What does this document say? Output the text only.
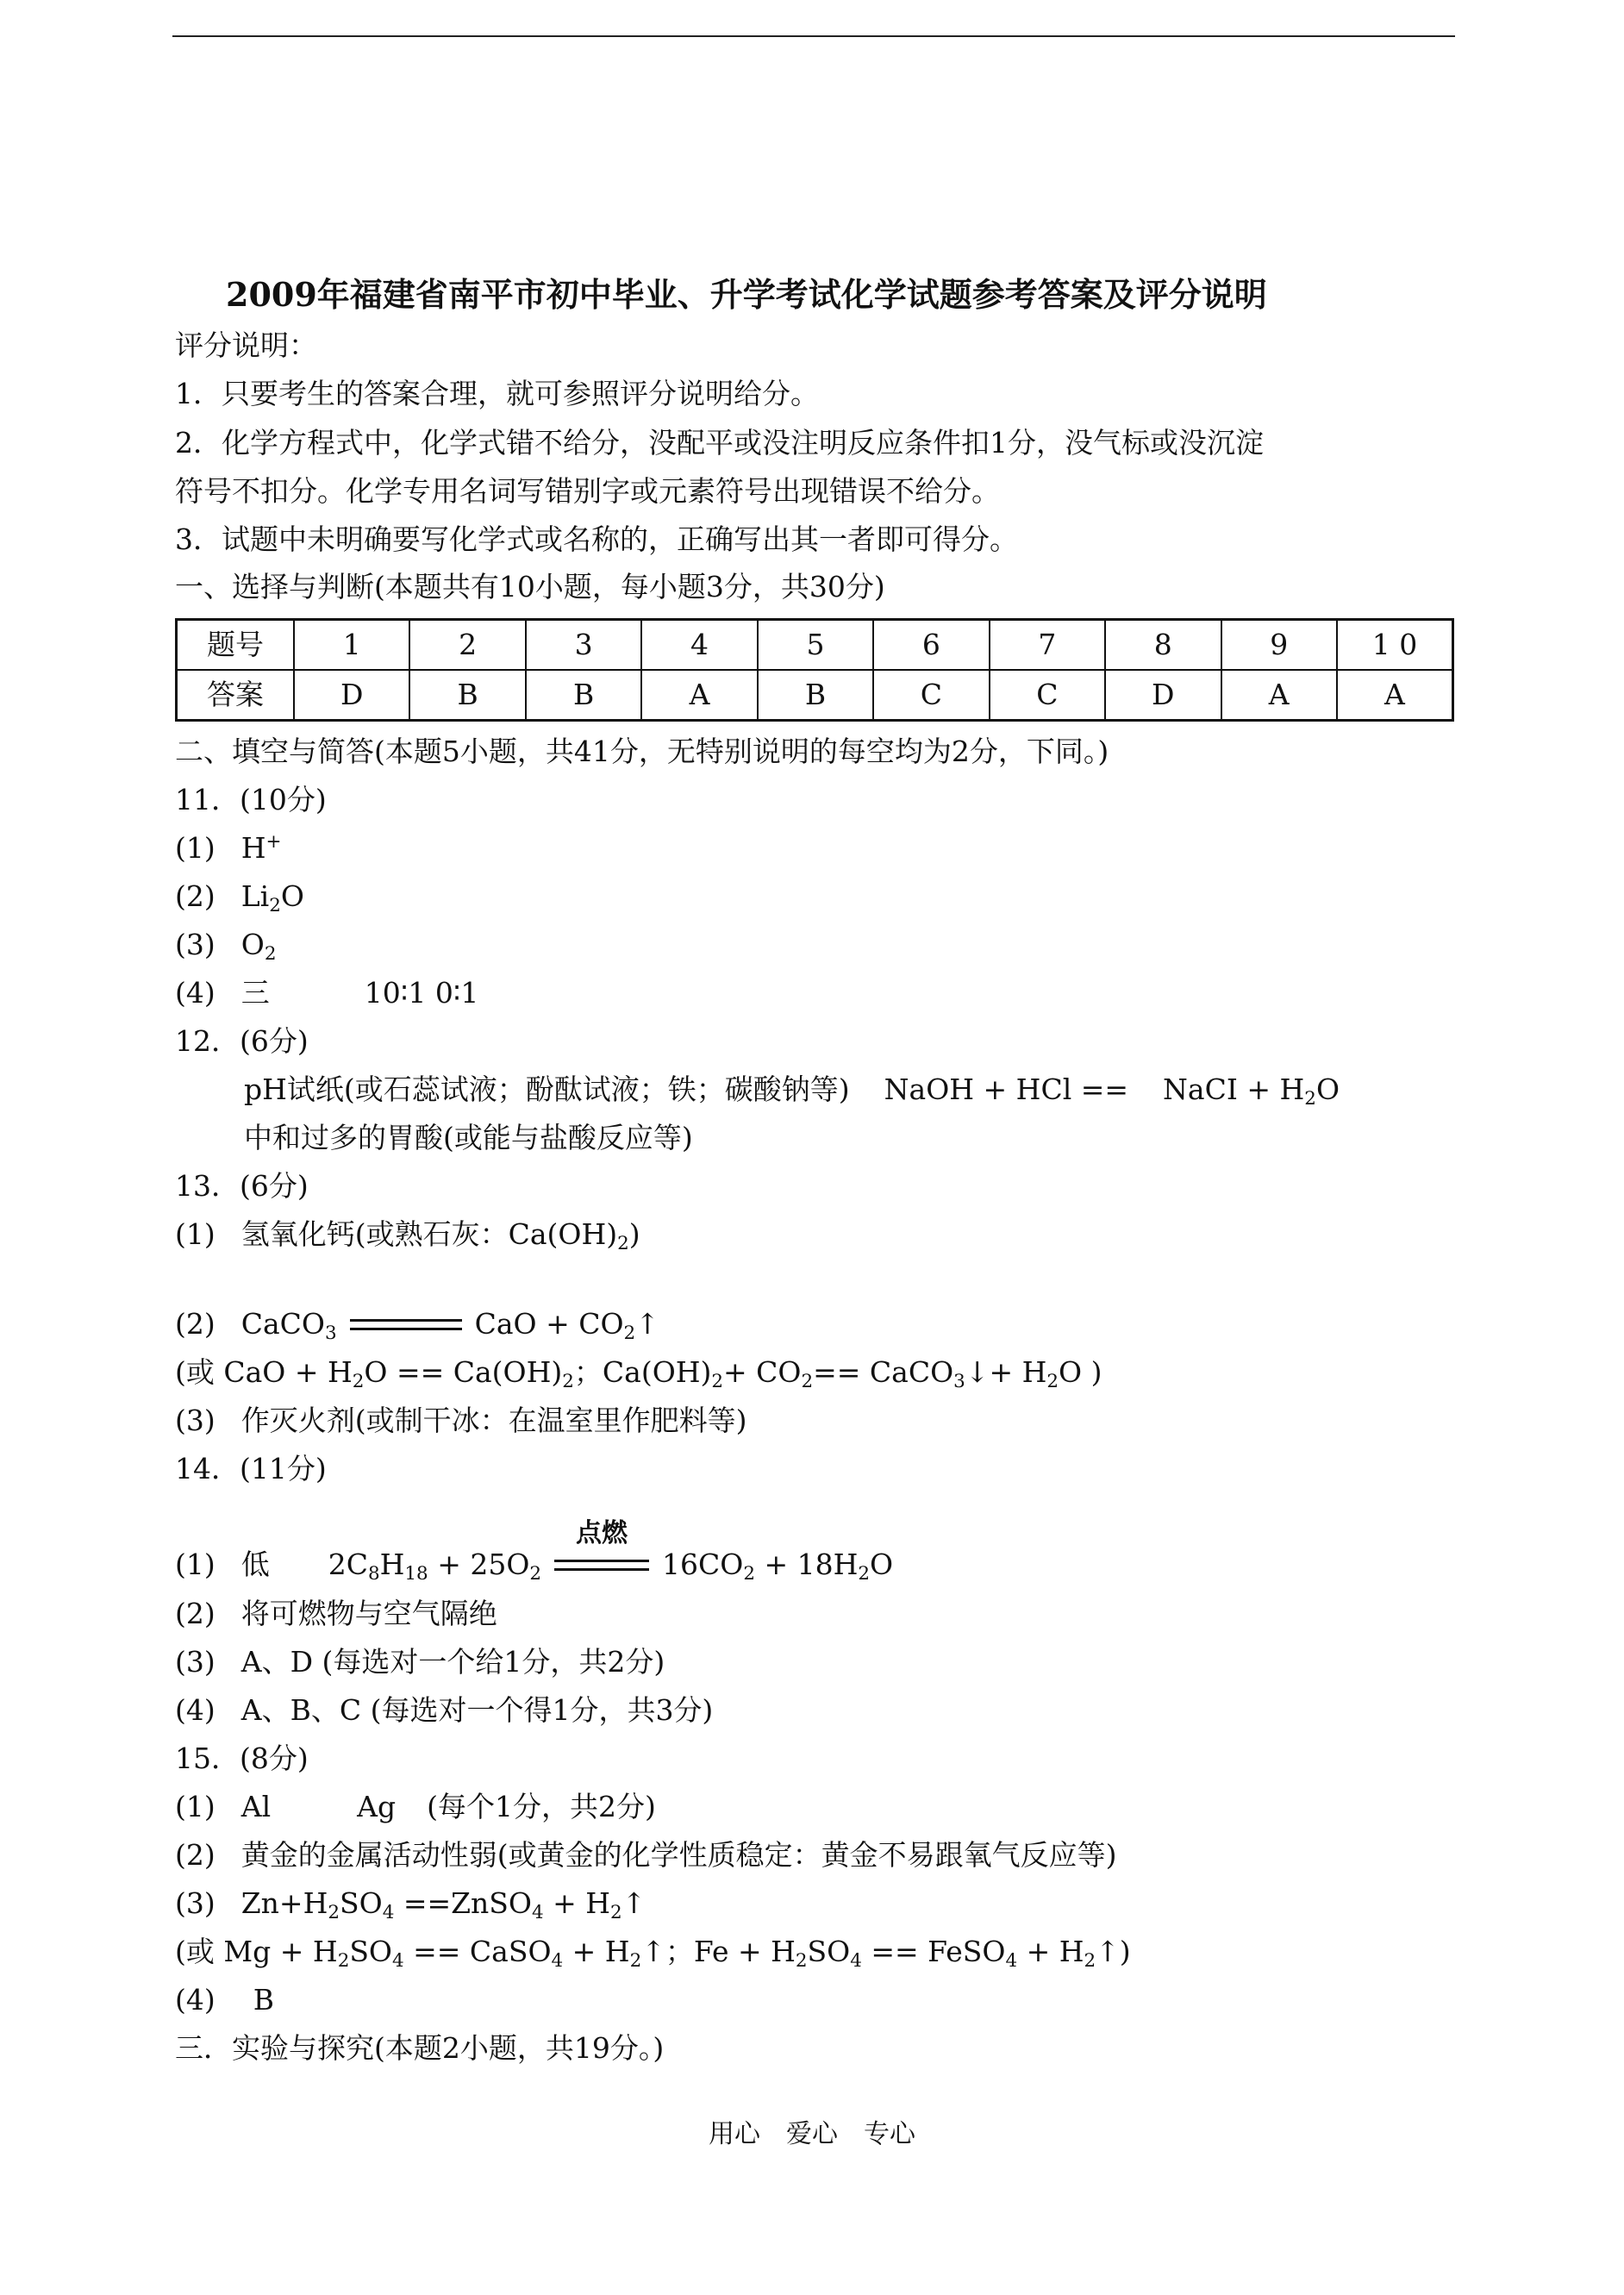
2009年福建省南平市初中毕业、升学考试化学试题参考答案及评分说明
评分说明：
1．只要考生的答案合理，就可参照评分说明给分。
2．化学方程式中，化学式错不给分，没配平或没注明反应条件扣1分，没气标或没沉淀
符号不扣分。化学专用名词写错别字或元素符号出现错误不给分。
3．试题中未明确要写化学式或名称的，正确写出其一者即可得分。
一、选择与判断(本题共有10小题，每小题3分，共30分)
题号	1	2	3	4	5	6	7	8	9	1 0
答案	D	B	B	A	B	C	C	D	A	A
二、填空与简答(本题5小题，共41分，无特别说明的每空均为2分，下同。)
11．(10分)
(1) H+
(2) $Li_2O$
(3) $O_2$
(4) 三	10∶1 0∶1
12．(6分)
pH试纸(或石蕊试液；酚酞试液；铁；碳酸钠等) NaOH + HCl == NaCI + $H_2O$
中和过多的胃酸(或能与盐酸反应等)
13．(6分)
(1) 氢氧化钙(或熟石灰：$Ca(OH)_2$)
(2) CaCO$_3$	CaO + $CO_2↑$
(或 CaO + $H_2O == Ca(OH)_2$；$Ca(OH)_2+ CO_2==$ CaCO$_3$↓+ $H_2O$ )
(3) 作灭火剂(或制干冰：在温室里作肥料等)
14．(11分)
(1) 低 $2C_8H_{18} + 25O_2$
点燃
$16CO_2 + 18H_2O$
(2) 将可燃物与空气隔绝
(3) A、D (每选对一个给1分，共2分)
(4) A、B、C (每选对一个得1分，共3分)
15．(8分)
(1) Al	Ag (每个1分，共2分)
(2) 黄金的金属活动性弱(或黄金的化学性质稳定：黄金不易跟氧气反应等)
(3) $Zn+H_2SO_4$ ==ZnSO$_4$ + $H_2↑$
(或 $Mg + H_2SO_4$ == CaSO$_4$ + $H_2↑$；$Fe + H_2SO_4$ == FeSO$_4$ + $H_2↑$)
(4) B
三．实验与探究(本题2小题，共19分。)
用心　爱心　专心
